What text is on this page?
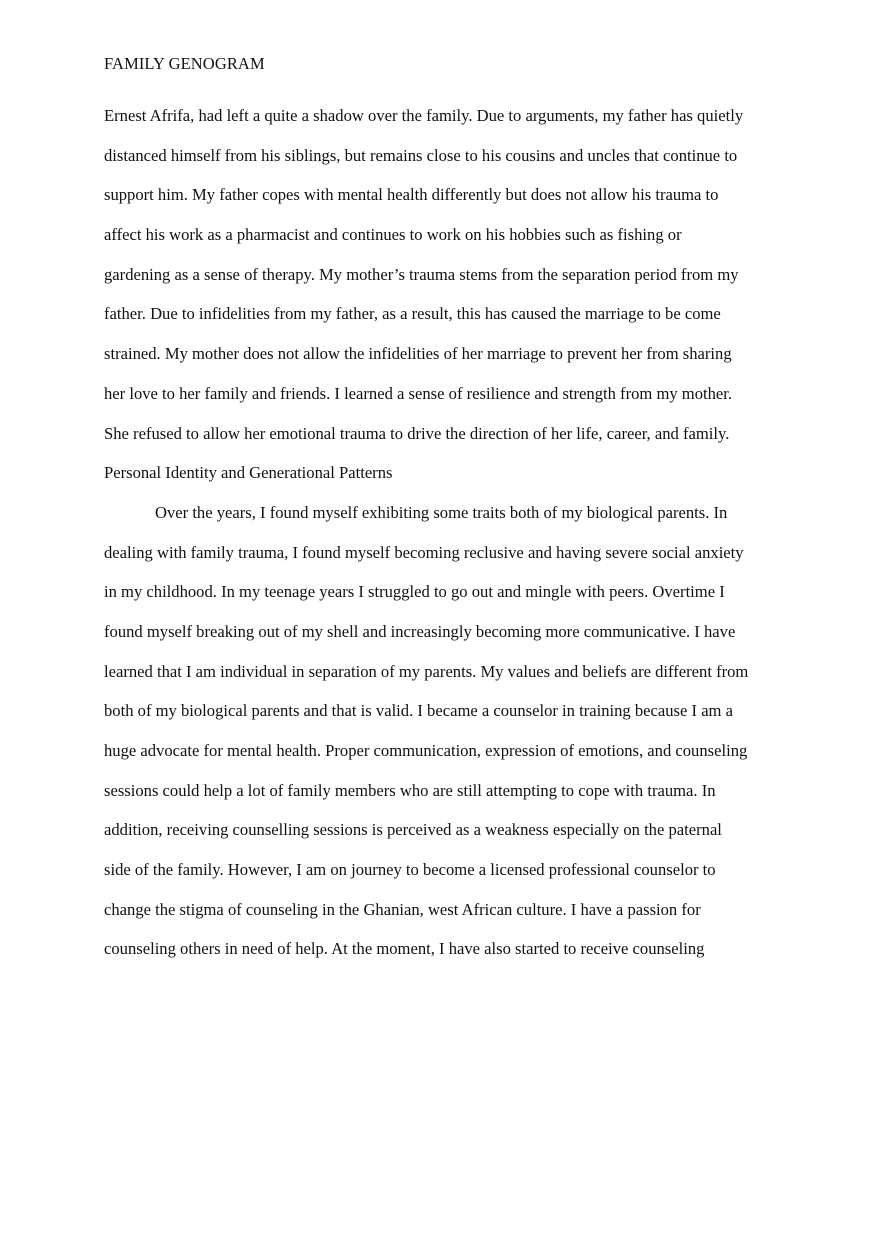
FAMILY GENOGRAM
Ernest Afrifa, had left a quite a shadow over the family. Due to arguments, my father has quietly
distanced himself from his siblings, but remains close to his cousins and uncles that continue to
support him. My father copes with mental health differently but does not allow his trauma to
affect his work as a pharmacist and continues to work on his hobbies such as fishing or
gardening as a sense of therapy. My mother’s trauma stems from the separation period from my
father. Due to infidelities from my father, as a result, this has caused the marriage to be come
strained. My mother does not allow the infidelities of her marriage to prevent her from sharing
her love to her family and friends. I learned a sense of resilience and strength from my mother.
She refused to allow her emotional trauma to drive the direction of her life, career, and family.
Personal Identity and Generational Patterns
Over the years, I found myself exhibiting some traits both of my biological parents. In
dealing with family trauma, I found myself becoming reclusive and having severe social anxiety
in my childhood. In my teenage years I struggled to go out and mingle with peers. Overtime I
found myself breaking out of my shell and increasingly becoming more communicative. I have
learned that I am individual in separation of my parents. My values and beliefs are different from
both of my biological parents and that is valid. I became a counselor in training because I am a
huge advocate for mental health. Proper communication, expression of emotions, and counseling
sessions could help a lot of family members who are still attempting to cope with trauma. In
addition, receiving counselling sessions is perceived as a weakness especially on the paternal
side of the family. However, I am on journey to become a licensed professional counselor to
change the stigma of counseling in the Ghanian, west African culture. I have a passion for
counseling others in need of help. At the moment, I have also started to receive counseling
